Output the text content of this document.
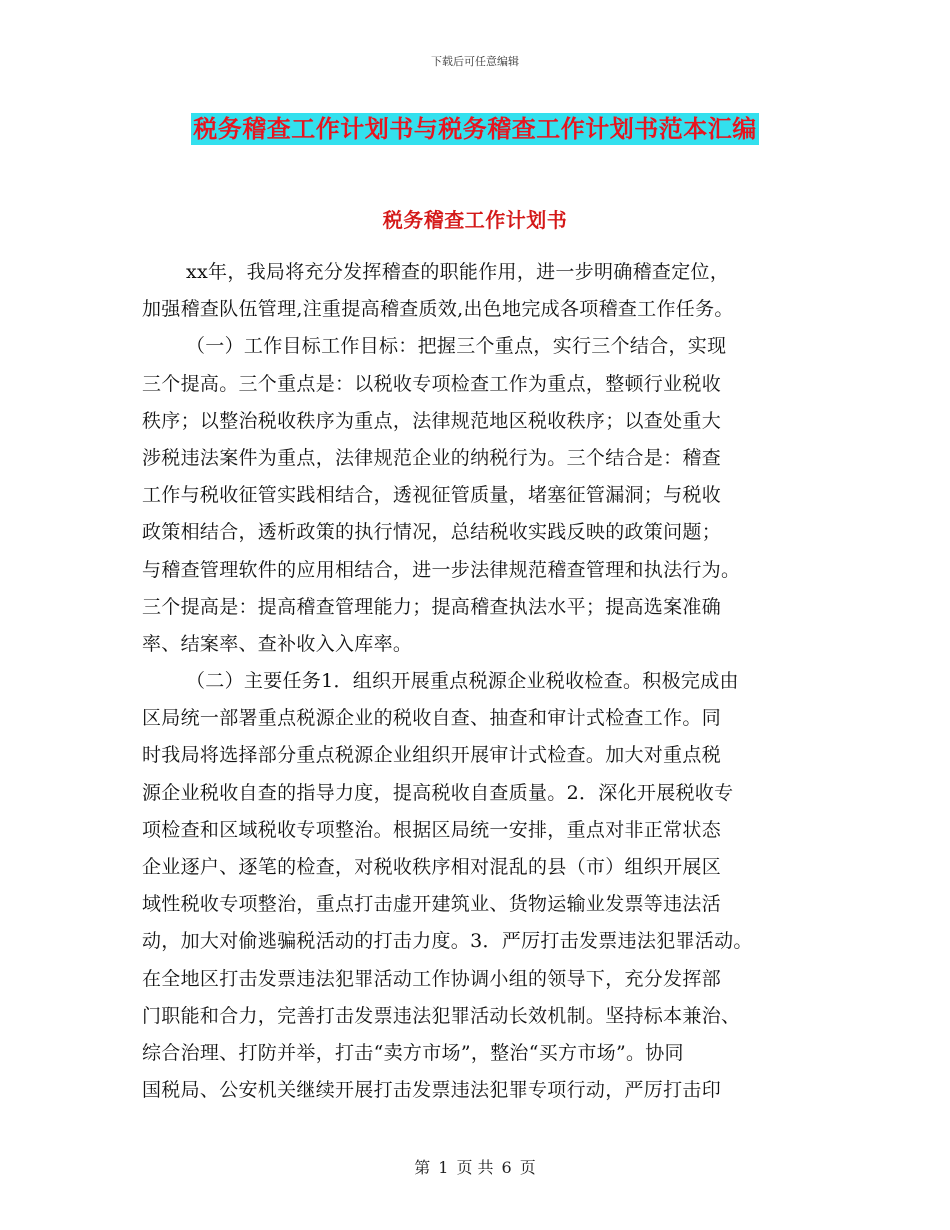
下载后可任意编辑
税务稽查工作计划书与税务稽查工作计划书范本汇编
税务稽查工作计划书
xx年，我局将充分发挥稽查的职能作用，进一步明确稽查定位，
加强稽查队伍管理,注重提高稽查质效,出色地完成各项稽查工作任务。
（一）工作目标工作目标：把握三个重点，实行三个结合，实现
三个提高。三个重点是：以税收专项检查工作为重点，整顿行业税收
秩序；以整治税收秩序为重点，法律规范地区税收秩序；以查处重大
涉税违法案件为重点，法律规范企业的纳税行为。三个结合是：稽查
工作与税收征管实践相结合，透视征管质量，堵塞征管漏洞；与税收
政策相结合，透析政策的执行情况，总结税收实践反映的政策问题；
与稽查管理软件的应用相结合，进一步法律规范稽查管理和执法行为。
三个提高是：提高稽查管理能力；提高稽查执法水平；提高选案准确
率、结案率、查补收入入库率。
（二）主要任务1．组织开展重点税源企业税收检查。积极完成由
区局统一部署重点税源企业的税收自查、抽查和审计式检查工作。同
时我局将选择部分重点税源企业组织开展审计式检查。加大对重点税
源企业税收自查的指导力度，提高税收自查质量。2．深化开展税收专
项检查和区域税收专项整治。根据区局统一安排，重点对非正常状态
企业逐户、逐笔的检查，对税收秩序相对混乱的县（市）组织开展区
域性税收专项整治，重点打击虚开建筑业、货物运输业发票等违法活
动，加大对偷逃骗税活动的打击力度。3．严厉打击发票违法犯罪活动。
在全地区打击发票违法犯罪活动工作协调小组的领导下，充分发挥部
门职能和合力，完善打击发票违法犯罪活动长效机制。坚持标本兼治、
综合治理、打防并举，打击“卖方市场”，整治“买方市场”。协同
国税局、公安机关继续开展打击发票违法犯罪专项行动，严厉打击印
第 1 页 共 6 页
